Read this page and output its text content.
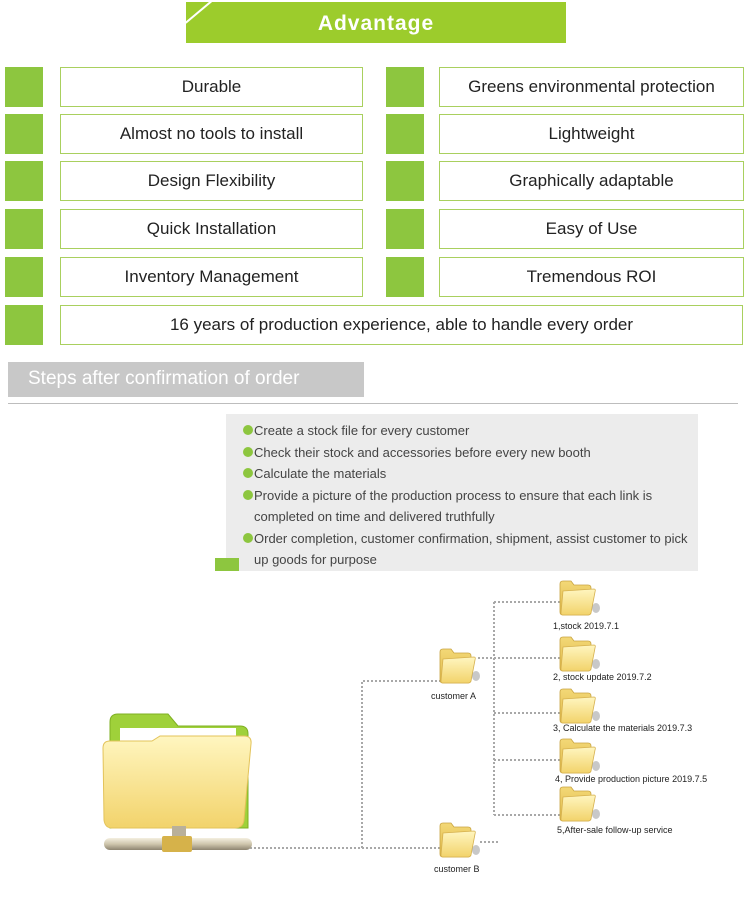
Advantage
Durable
Almost no tools to install
Design Flexibility
Quick Installation
Inventory Management
Greens environmental protection
Lightweight
Graphically adaptable
Easy of Use
Tremendous ROI
16 years of production experience, able to handle every order
Steps after confirmation of order
Create a stock file for every customer
Check their stock and accessories before every new booth
Calculate the materials
Provide a picture of the production process to ensure that each link is completed on time and delivered truthfully
Order completion, customer confirmation, shipment, assist customer to pick up goods for purpose
customer A
customer B
1,stock 2019.7.1
2, stock update 2019.7.2
3, Calculate the materials 2019.7.3
4, Provide production picture 2019.7.5
5,After-sale follow-up service
